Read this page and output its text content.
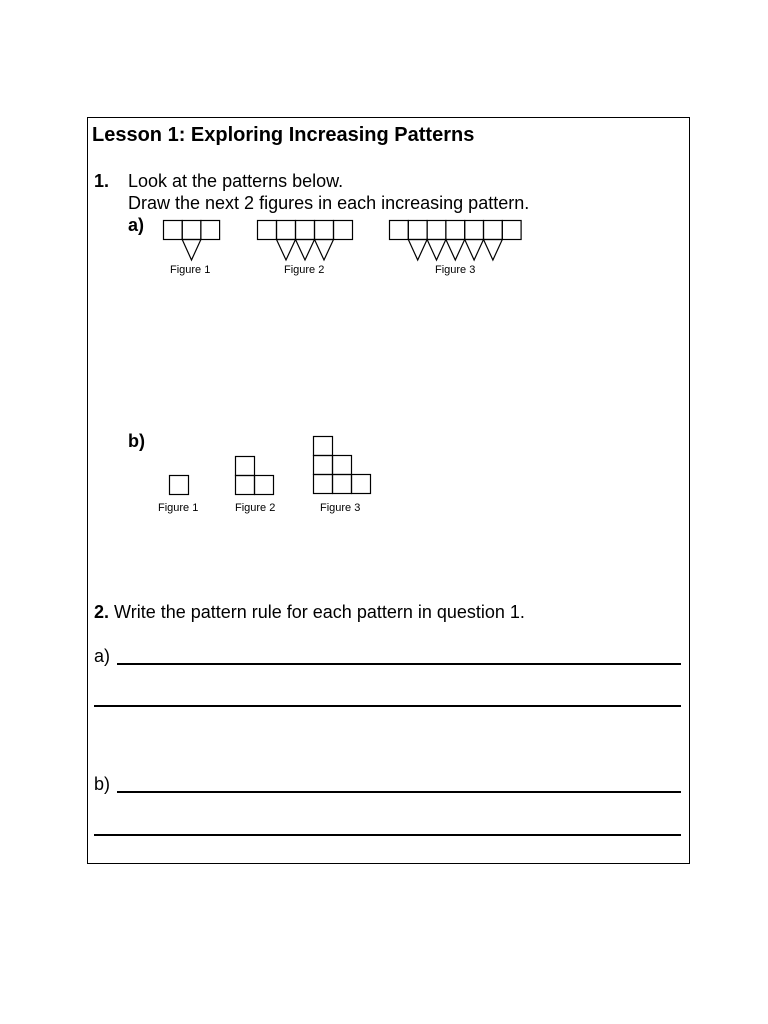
Lesson 1: Exploring Increasing Patterns
1. Look at the patterns below.
Draw the next 2 figures in each increasing pattern.
a)
Figure 1	Figure 2	Figure 3
b)
Figure 1	Figure 2	Figure 3
2. Write the pattern rule for each pattern in question 1.
a)
b)
